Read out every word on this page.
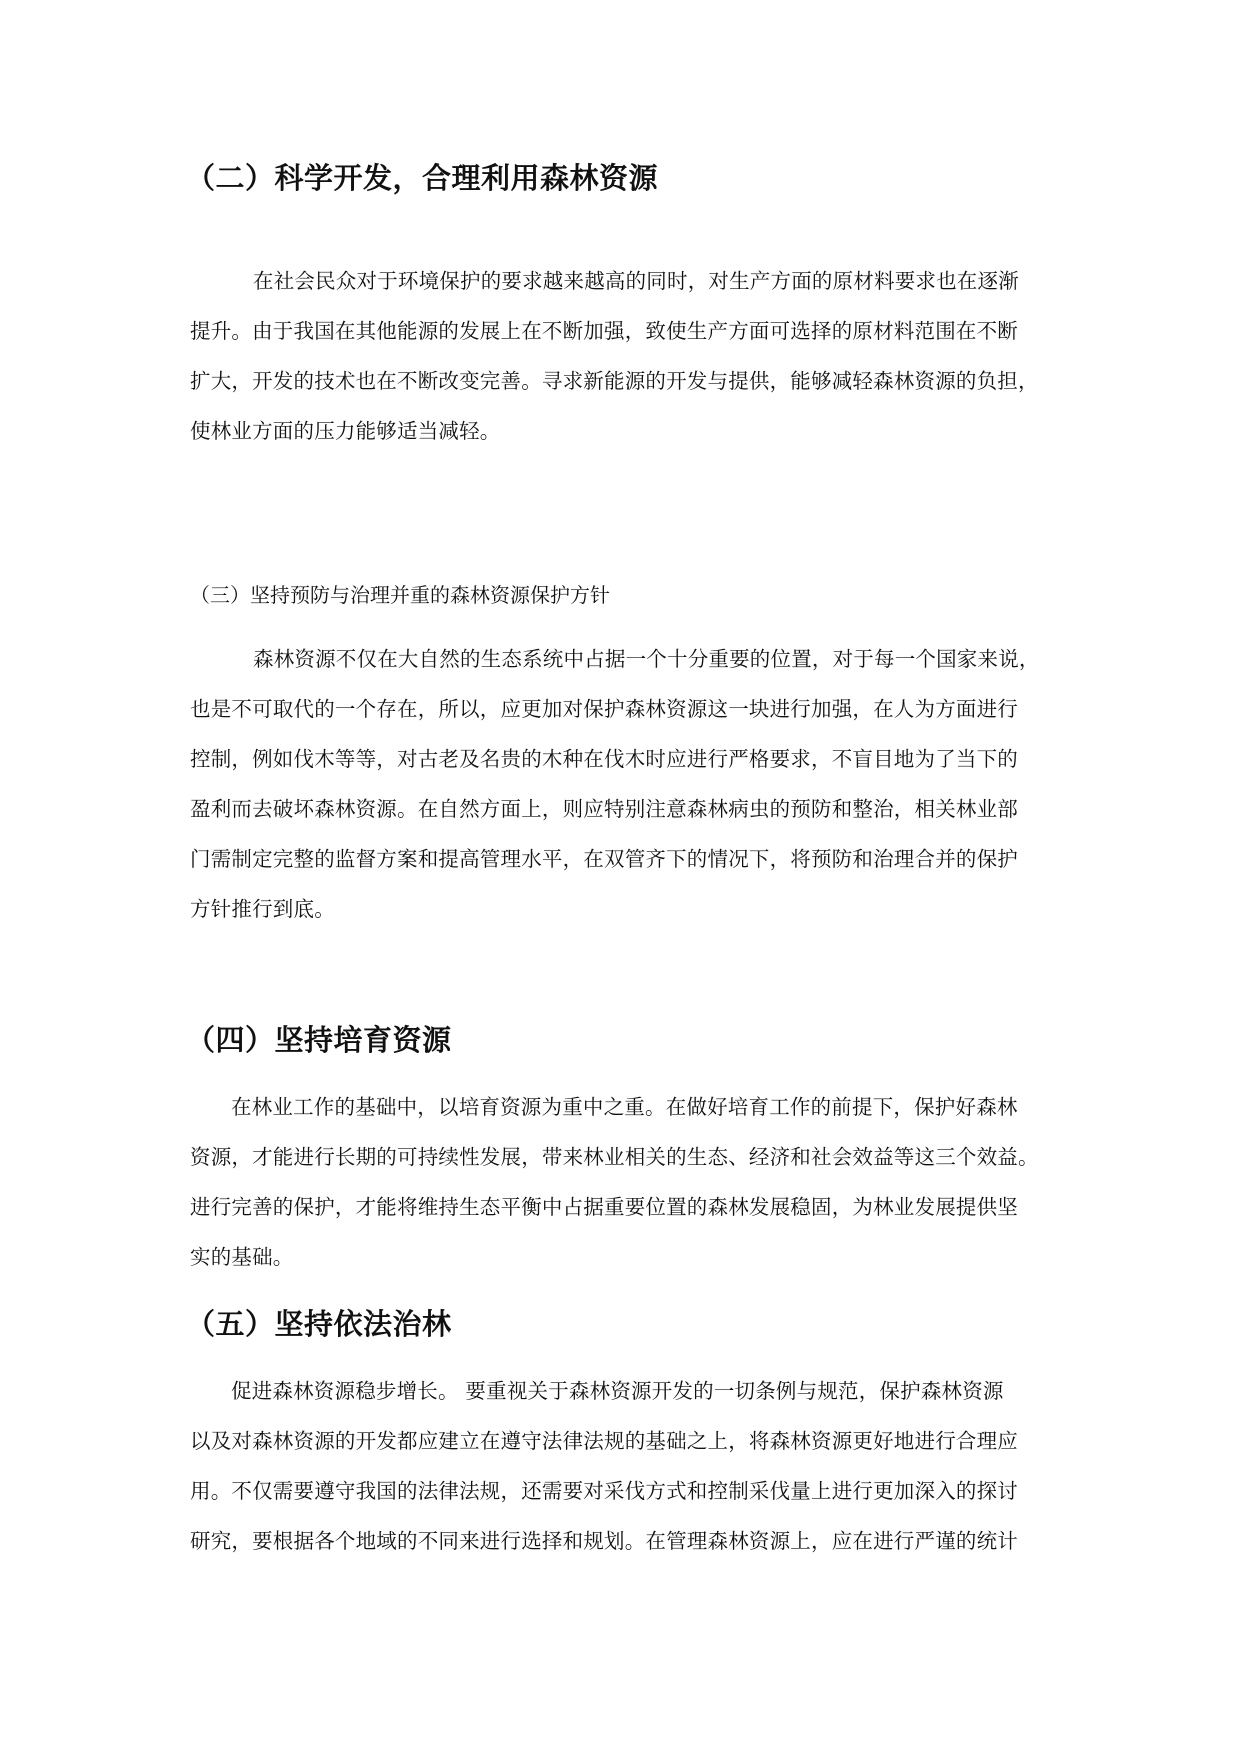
（二）科学开发，合理利用森林资源
在社会民众对于环境保护的要求越来越高的同时，对生产方面的原材料要求也在逐渐
提升。由于我国在其他能源的发展上在不断加强，致使生产方面可选择的原材料范围在不断
扩大，开发的技术也在不断改变完善。寻求新能源的开发与提供，能够减轻森林资源的负担，
使林业方面的压力能够适当减轻。
（三）坚持预防与治理并重的森林资源保护方针
森林资源不仅在大自然的生态系统中占据一个十分重要的位置，对于每一个国家来说，
也是不可取代的一个存在，所以，应更加对保护森林资源这一块进行加强，在人为方面进行
控制，例如伐木等等，对古老及名贵的木种在伐木时应进行严格要求，不盲目地为了当下的
盈利而去破坏森林资源。在自然方面上，则应特别注意森林病虫的预防和整治，相关林业部
门需制定完整的监督方案和提高管理水平，在双管齐下的情况下，将预防和治理合并的保护
方针推行到底。
（四）坚持培育资源
在林业工作的基础中，以培育资源为重中之重。在做好培育工作的前提下，保护好森林
资源，才能进行长期的可持续性发展，带来林业相关的生态、经济和社会效益等这三个效益。
进行完善的保护，才能将维持生态平衡中占据重要位置的森林发展稳固，为林业发展提供坚
实的基础。
（五）坚持依法治林
促进森林资源稳步增长。 要重视关于森林资源开发的一切条例与规范，保护森林资源
以及对森林资源的开发都应建立在遵守法律法规的基础之上，将森林资源更好地进行合理应
用。不仅需要遵守我国的法律法规，还需要对采伐方式和控制采伐量上进行更加深入的探讨
研究，要根据各个地域的不同来进行选择和规划。在管理森林资源上，应在进行严谨的统计
